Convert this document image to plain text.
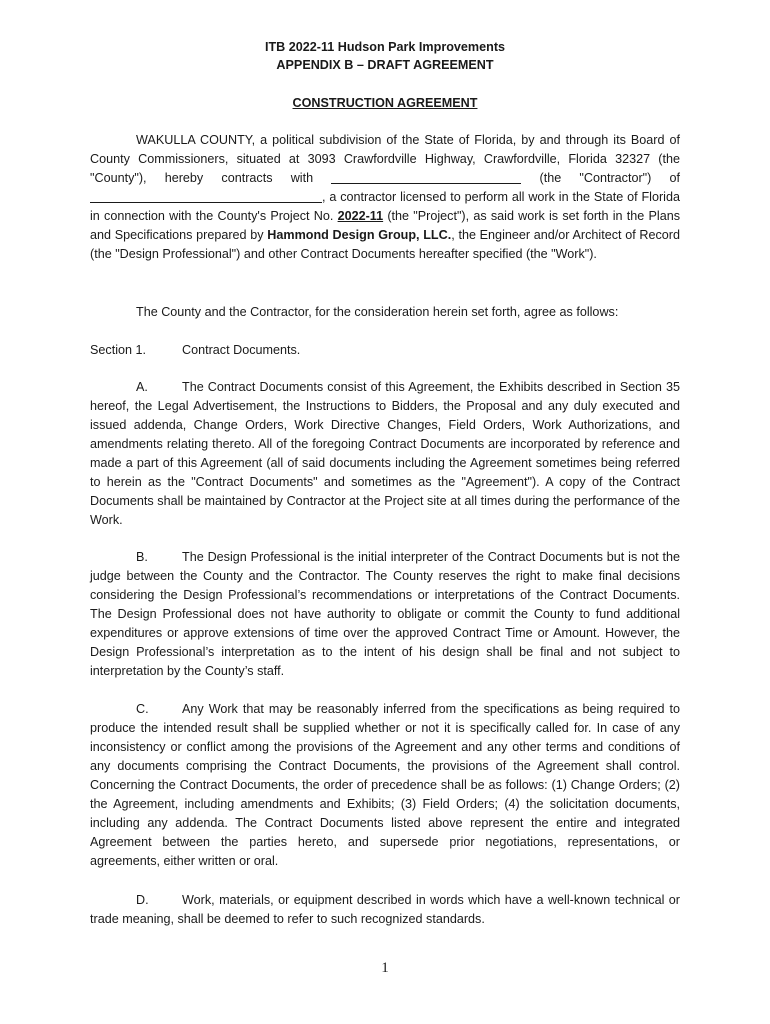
ITB 2022-11 Hudson Park Improvements
APPENDIX B – DRAFT AGREEMENT
CONSTRUCTION AGREEMENT

WAKULLA COUNTY, a political subdivision of the State of Florida, by and through its Board of County Commissioners, situated at 3093 Crawfordville Highway, Crawfordville, Florida 32327 (the "County"), hereby contracts with	(the "Contractor") of , a contractor licensed to perform all work in the State of Florida in connection with the County's Project No. 2022-11 (the "Project"), as said work is set forth in the Plans and Specifications prepared by Hammond Design Group, LLC., the Engineer and/or Architect of Record (the "Design Professional") and other Contract Documents hereafter specified (the "Work").

The County and the Contractor, for the consideration herein set forth, agree as follows:

Section 1.	Contract Documents.

A.	The Contract Documents consist of this Agreement, the Exhibits described in Section 35 hereof, the Legal Advertisement, the Instructions to Bidders, the Proposal and any duly executed and issued addenda, Change Orders, Work Directive Changes, Field Orders, Work Authorizations, and amendments relating thereto. All of the foregoing Contract Documents are incorporated by reference and made a part of this Agreement (all of said documents including the Agreement sometimes being referred to herein as the "Contract Documents" and sometimes as the "Agreement"). A copy of the Contract Documents shall be maintained by Contractor at the Project site at all times during the performance of the Work.

B.	The Design Professional is the initial interpreter of the Contract Documents but is not the judge between the County and the Contractor. The County reserves the right to make final decisions considering the Design Professional’s recommendations or interpretations of the Contract Documents. The Design Professional does not have authority to obligate or commit the County to fund additional expenditures or approve extensions of time over the approved Contract Time or Amount. However, the Design Professional’s interpretation as to the intent of his design shall be final and not subject to interpretation by the County’s staff.

C.	Any Work that may be reasonably inferred from the specifications as being required to produce the intended result shall be supplied whether or not it is specifically called for. In case of any inconsistency or conflict among the provisions of the Agreement and any other terms and conditions of any documents comprising the Contract Documents, the provisions of the Agreement shall control. Concerning the Contract Documents, the order of precedence shall be as follows: (1) Change Orders; (2) the Agreement, including amendments and Exhibits; (3) Field Orders; (4) the solicitation documents, including any addenda. The Contract Documents listed above represent the entire and integrated Agreement between the parties hereto, and supersede prior negotiations, representations, or agreements, either written or oral.

D.	Work, materials, or equipment described in words which have a well-known technical or trade meaning, shall be deemed to refer to such recognized standards.

1
